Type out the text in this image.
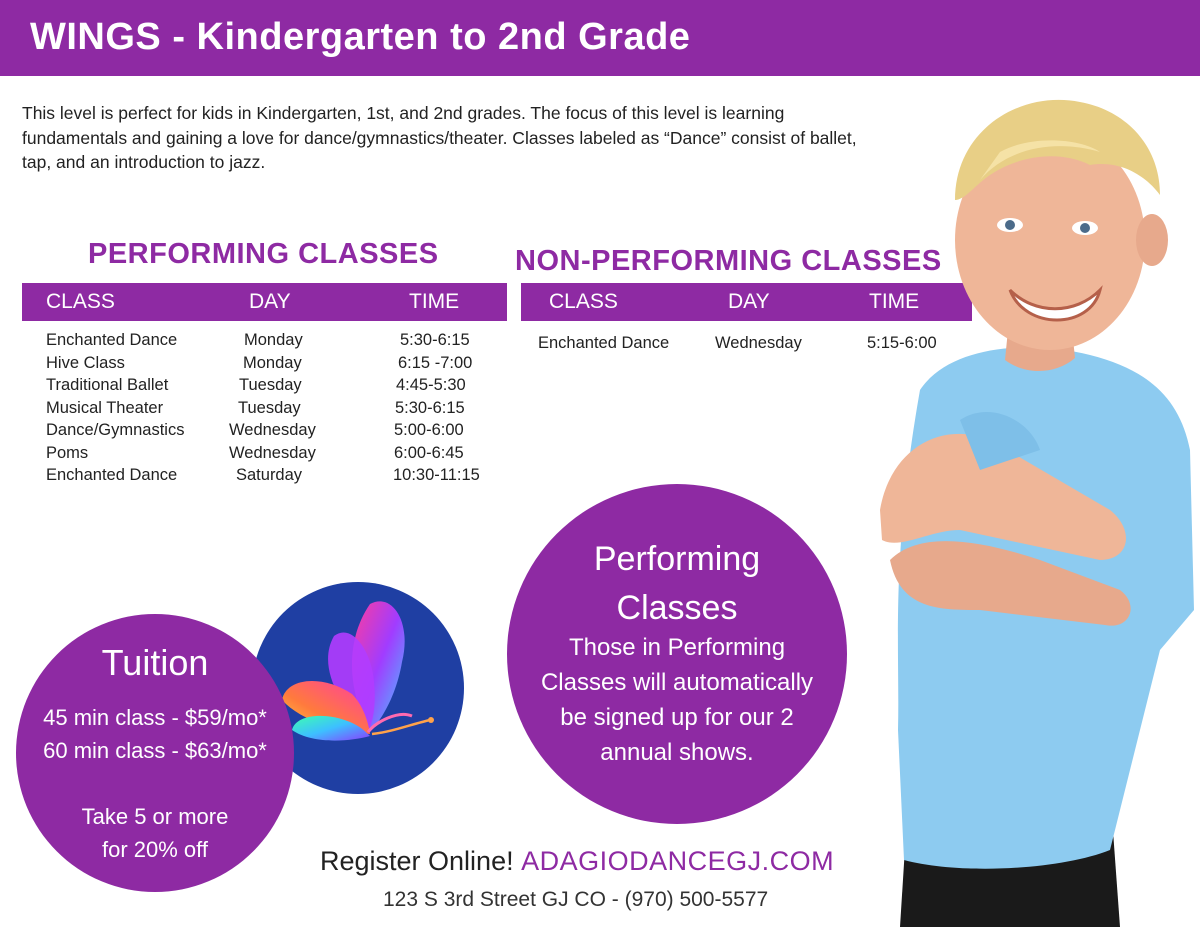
WINGS - Kindergarten to 2nd Grade

This level is perfect for kids in Kindergarten, 1st, and 2nd grades. The focus of this level is learning fundamentals and gaining a love for dance/gymnastics/theater. Classes labeled as “Dance” consist of ballet, tap, and an introduction to jazz.

PERFORMING CLASSES
CLASS	DAY	TIME
Enchanted Dance	Monday	5:30-6:15
Hive Class	Monday	6:15 -7:00
Traditional Ballet	Tuesday	4:45-5:30
Musical Theater	Tuesday	5:30-6:15
Dance/Gymnastics	Wednesday	5:00-6:00
Poms	Wednesday	6:00-6:45
Enchanted Dance	Saturday	10:30-11:15
NON-PERFORMING CLASSES
CLASS	DAY	TIME
Enchanted Dance	Wednesday	5:15-6:00
Tuition
45 min class - $59/mo*
60 min class - $63/mo*
Take 5 or more
for 20% off
Performing
Classes
Those in Performing
Classes will automatically
be signed up for our 2
annual shows.
Register Online! ADAGIODANCEGJ.COM
123 S 3rd Street GJ CO - (970) 500-5577
